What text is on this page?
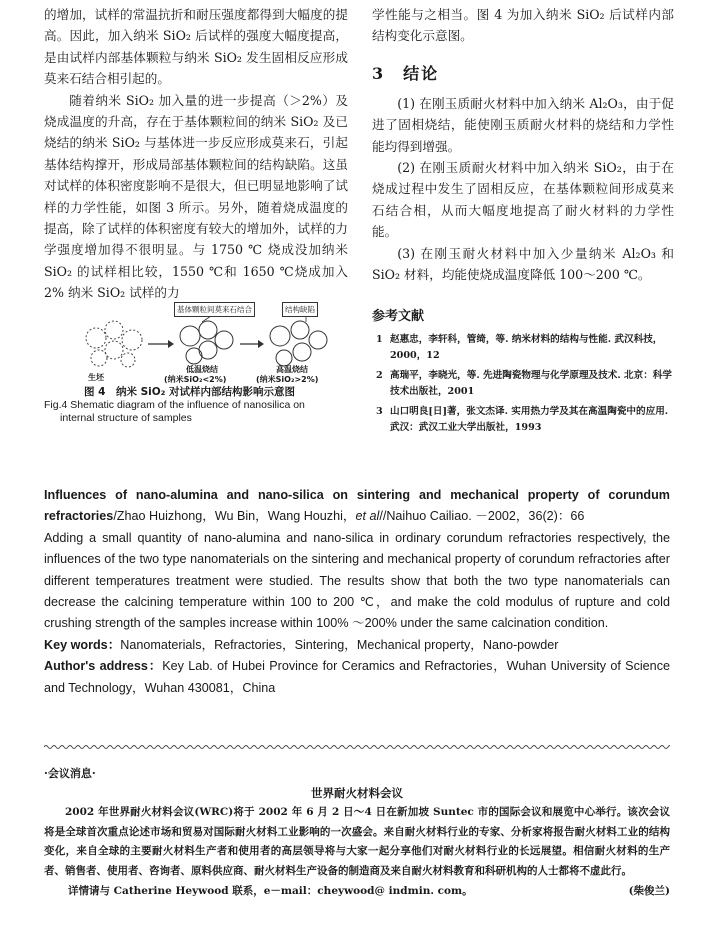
的增加，试样的常温抗折和耐压强度都得到大幅度的提高。因此，加入纳米 SiO₂ 后试样的强度大幅度提高，是由试样内部基体颗粒与纳米 SiO₂ 发生固相反应形成莫来石结合相引起的。

随着纳米 SiO₂ 加入量的进一步提高（＞2%）及烧成温度的升高，存在于基体颗粒间的纳米 SiO₂ 及已烧结的纳米 SiO₂ 与基体进一步反应形成莫来石，引起基体结构撑开，形成局部基体颗粒间的结构缺陷。这虽对试样的体积密度影响不是很大，但已明显地影响了试样的力学性能，如图 3 所示。另外，随着烧成温度的提高，除了试样的体积密度有较大的增加外，试样的力学强度增加得不很明显。与 1750 ℃ 烧成没加纳米 SiO₂ 的试样相比较，1550 ℃和 1650 ℃烧成加入 2% 纳米 SiO₂ 试样的力

基体颗粒间莫来石结合	结构缺陷
生坯
低温烧结	高温烧结
(纳米SiO₂<2%)	(纳米SiO₂>2%)
图 4　纳米 SiO₂ 对试样内部结构影响示意图
Fig.4 Shematic diagram of the influence of nanosilica on
internal structure of samples

学性能与之相当。图 4 为加入纳米 SiO₂ 后试样内部结构变化示意图。

3　结论

(1) 在刚玉质耐火材料中加入纳米 Al₂O₃，由于促进了固相烧结，能使刚玉质耐火材料的烧结和力学性能均得到增强。

(2) 在刚玉质耐火材料中加入纳米 SiO₂，由于在烧成过程中发生了固相反应，在基体颗粒间形成莫来石结合相，从而大幅度地提高了耐火材料的力学性能。

(3) 在刚玉耐火材料中加入少量纳米 Al₂O₃ 和 SiO₂ 材料，均能使烧成温度降低 100～200 ℃。

参考文献
1 赵惠忠，李轩科，管绮，等. 纳米材料的结构与性能. 武汉科技，2000，12
2 高瑞平，李晓光，等. 先进陶瓷物理与化学原理及技术. 北京：科学技术出版社，2001
3 山口明良[日]著，张文杰译. 实用热力学及其在高温陶瓷中的应用. 武汉：武汉工业大学出版社，1993

Influences of nano-alumina and nano-silica on sintering and mechanical property of corundum refractories/Zhao Huizhong，Wu Bin，Wang Houzhi，et al//Naihuo Cailiao. －2002，36(2)：66

Adding a small quantity of nano-alumina and nano-silica in ordinary corundum refractories respectively, the influences of the two type nanomaterials on the sintering and mechanical property of corundum refractories after different temperatures treatment were studied. The results show that both the two type nanomaterials can decrease the calcining temperature within 100 to 200 ℃，and make the cold modulus of rupture and cold crushing strength of the samples increase within 100% ～200% under the same calcination condition.

Key words：Nanomaterials，Refractories，Sintering，Mechanical property，Nano-powder

Author's address：Key Lab. of Hubei Province for Ceramics and Refractories，Wuhan University of Science and Technology，Wuhan 430081，China

·会议消息·
世界耐火材料会议

2002 年世界耐火材料会议(WRC)将于 2002 年 6 月 2 日～4 日在新加坡 Suntec 市的国际会议和展览中心举行。该次会议将是全球首次重点论述市场和贸易对国际耐火材料工业影响的一次盛会。来自耐火材料行业的专家、分析家将报告耐火材料工业的结构变化，来自全球的主要耐火材料生产者和使用者的高层领导将与大家一起分享他们对耐火材料行业的长远展望。相信耐火材料的生产者、销售者、使用者、咨询者、原料供应商、耐火材料生产设备的制造商及来自耐火材料教育和科研机构的人士都将不虚此行。

详情请与 Catherine Heywood 联系，e－mail：cheywood@ indmin. com。	(柴俊兰)
